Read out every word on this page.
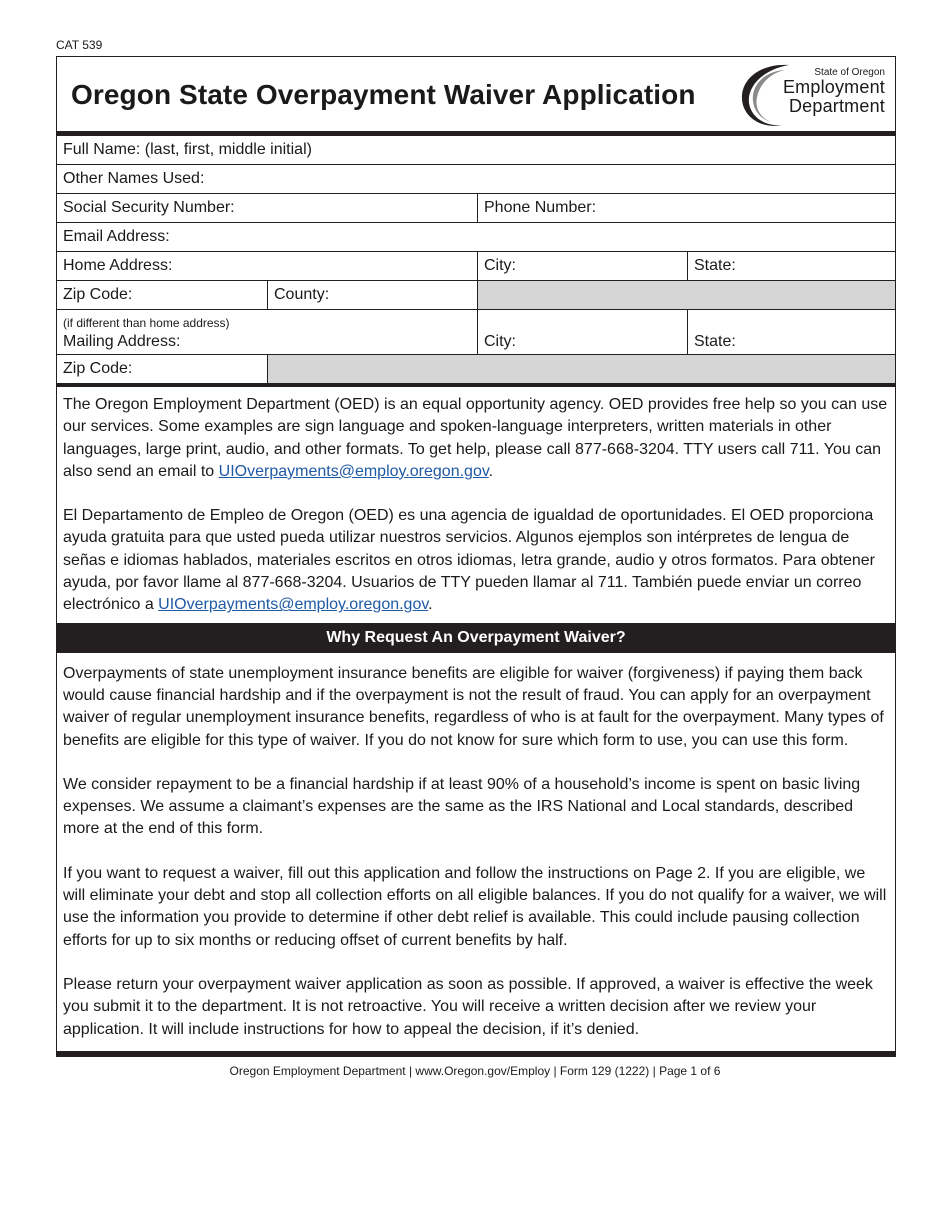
CAT 539
Oregon State Overpayment Waiver Application
State of Oregon
Employment
Department
Full Name: (last, first, middle initial)
Other Names Used:
Social Security Number:	Phone Number:
Email Address:
Home Address:	City:	State:
Zip Code:	County:
(if different than home address)
Mailing Address:	City:	State:
Zip Code:

The Oregon Employment Department (OED) is an equal opportunity agency. OED provides free help so you can use our services. Some examples are sign language and spoken-language interpreters, written materials in other languages, large print, audio, and other formats. To get help, please call 877-668-3204. TTY users call 711. You can also send an email to UIOverpayments@employ.oregon.gov.

El Departamento de Empleo de Oregon (OED) es una agencia de igualdad de oportunidades. El OED proporciona ayuda gratuita para que usted pueda utilizar nuestros servicios. Algunos ejemplos son intérpretes de lengua de señas e idiomas hablados, materiales escritos en otros idiomas, letra grande, audio y otros formatos. Para obtener ayuda, por favor llame al 877-668-3204. Usuarios de TTY pueden llamar al 711. También puede enviar un correo electrónico a UIOverpayments@employ.oregon.gov.

Why Request An Overpayment Waiver?

Overpayments of state unemployment insurance benefits are eligible for waiver (forgiveness) if paying them back would cause financial hardship and if the overpayment is not the result of fraud. You can apply for an overpayment waiver of regular unemployment insurance benefits, regardless of who is at fault for the overpayment. Many types of benefits are eligible for this type of waiver. If you do not know for sure which form to use, you can use this form.

We consider repayment to be a financial hardship if at least 90% of a household’s income is spent on basic living expenses. We assume a claimant’s expenses are the same as the IRS National and Local standards, described more at the end of this form.

If you want to request a waiver, fill out this application and follow the instructions on Page 2. If you are eligible, we will eliminate your debt and stop all collection efforts on all eligible balances. If you do not qualify for a waiver, we will use the information you provide to determine if other debt relief is available. This could include pausing collection efforts for up to six months or reducing offset of current benefits by half.

Please return your overpayment waiver application as soon as possible. If approved, a waiver is effective the week you submit it to the department. It is not retroactive. You will receive a written decision after we review your application. It will include instructions for how to appeal the decision, if it’s denied.

Oregon Employment Department | www.Oregon.gov/Employ | Form 129 (1222) | Page 1 of 6
